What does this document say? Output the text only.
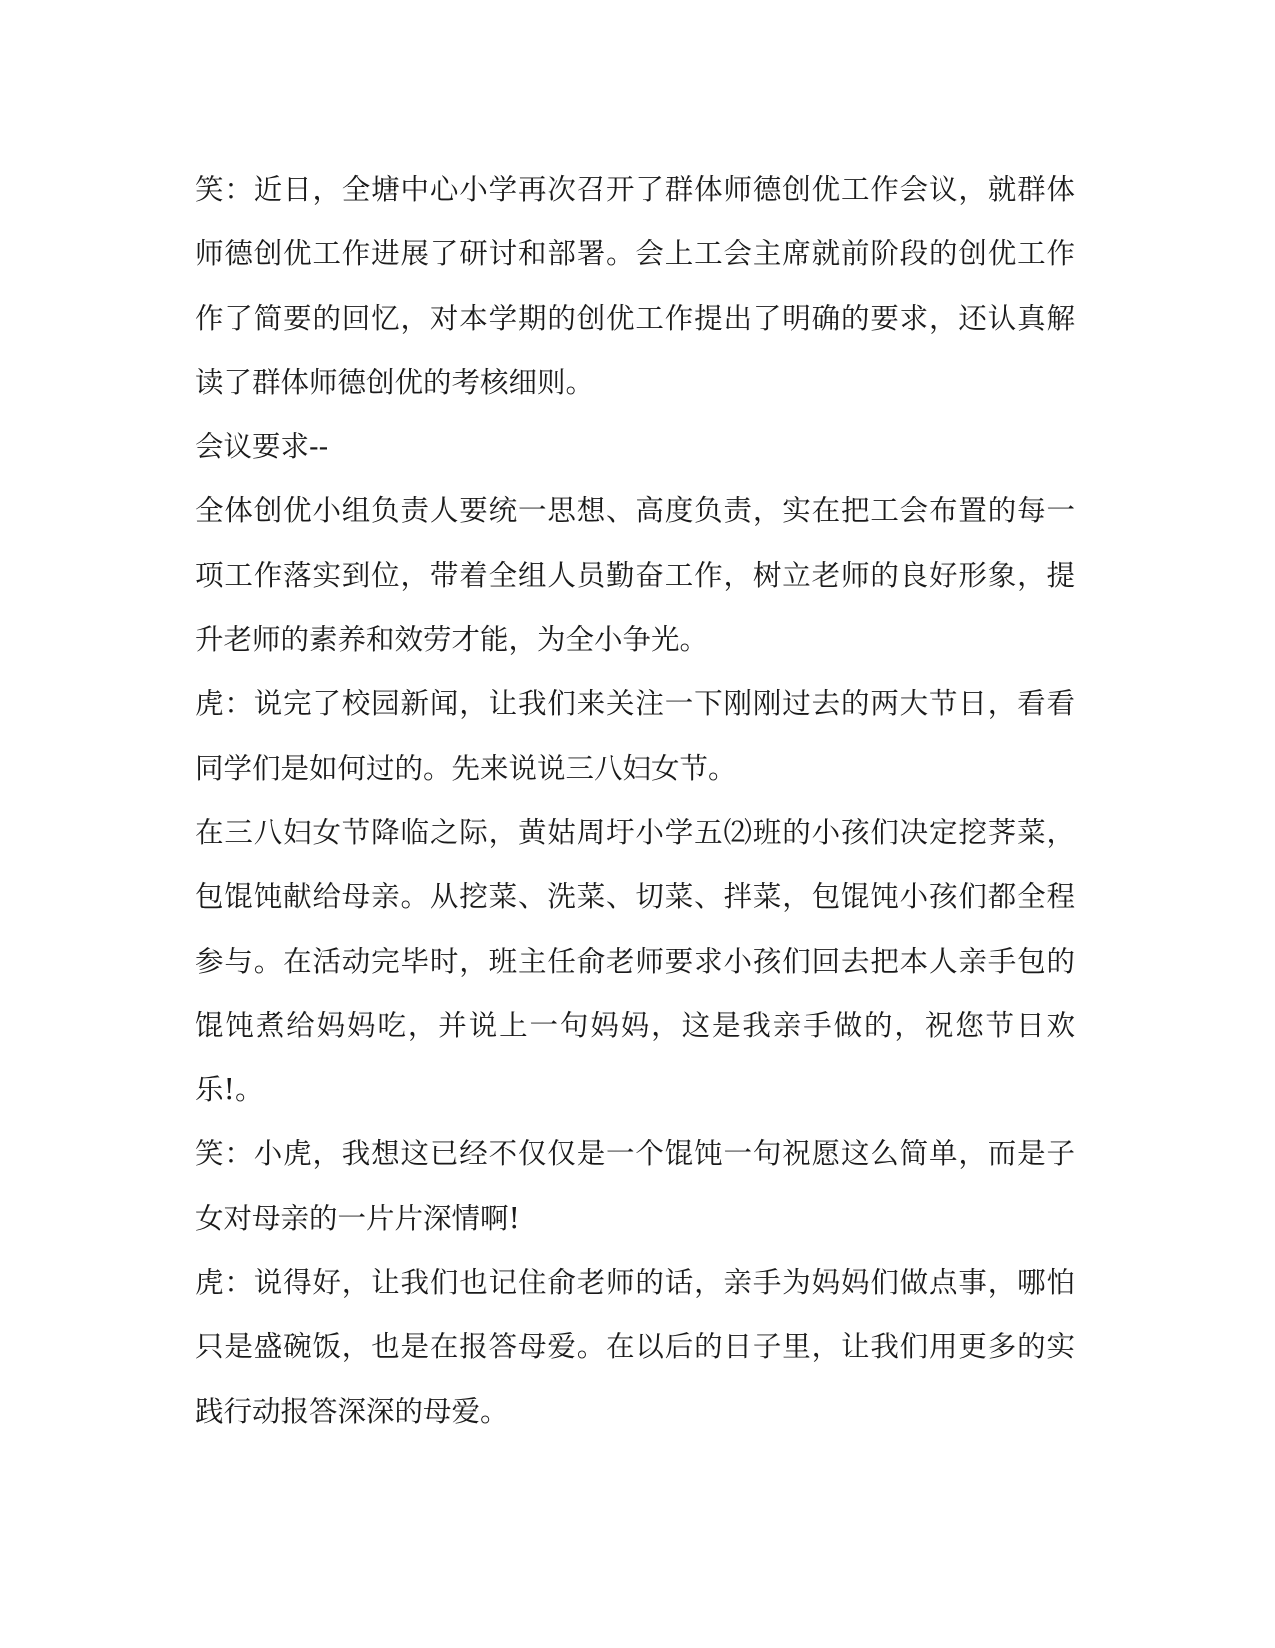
笑：近日，全塘中心小学再次召开了群体师德创优工作会议，就群体师德创优工作进展了研讨和部署。会上工会主席就前阶段的创优工作作了简要的回忆，对本学期的创优工作提出了明确的要求，还认真解读了群体师德创优的考核细则。

会议要求--

全体创优小组负责人要统一思想、高度负责，实在把工会布置的每一项工作落实到位，带着全组人员勤奋工作，树立老师的良好形象，提升老师的素养和效劳才能，为全小争光。

虎：说完了校园新闻，让我们来关注一下刚刚过去的两大节日，看看同学们是如何过的。先来说说三八妇女节。

在三八妇女节降临之际，黄姑周圩小学五⑵班的小孩们决定挖荠菜，包馄饨献给母亲。从挖菜、洗菜、切菜、拌菜，包馄饨小孩们都全程参与。在活动完毕时，班主任俞老师要求小孩们回去把本人亲手包的馄饨煮给妈妈吃，并说上一句妈妈，这是我亲手做的，祝您节日欢乐!。

笑：小虎，我想这已经不仅仅是一个馄饨一句祝愿这么简单，而是子女对母亲的一片片深情啊!

虎：说得好，让我们也记住俞老师的话，亲手为妈妈们做点事，哪怕只是盛碗饭，也是在报答母爱。在以后的日子里，让我们用更多的实践行动报答深深的母爱。
